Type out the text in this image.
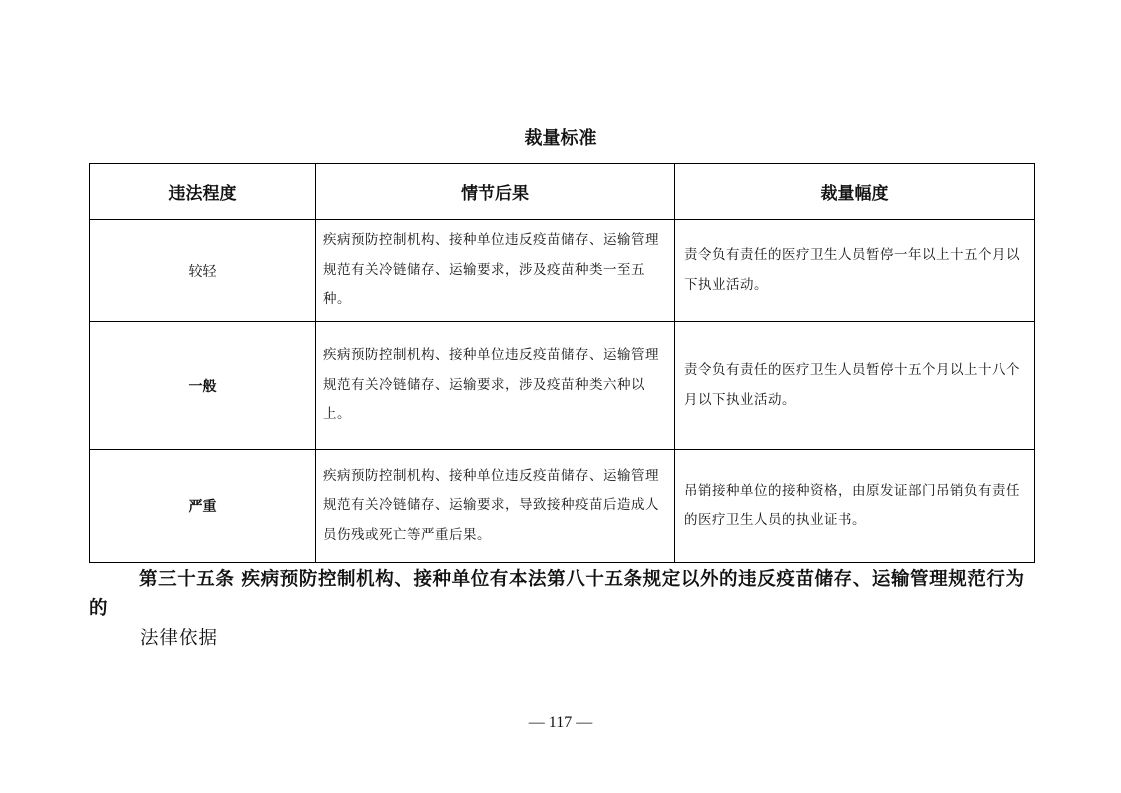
裁量标准
违法程度	情节后果	裁量幅度
较轻	疾病预防控制机构、接种单位违反疫苗储存、运输管理规范有关冷链储存、运输要求，涉及疫苗种类一至五种。	责令负有责任的医疗卫生人员暂停一年以上十五个月以下执业活动。
一般	疾病预防控制机构、接种单位违反疫苗储存、运输管理规范有关冷链储存、运输要求，涉及疫苗种类六种以上。	责令负有责任的医疗卫生人员暂停十五个月以上十八个月以下执业活动。
严重	疾病预防控制机构、接种单位违反疫苗储存、运输管理规范有关冷链储存、运输要求，导致接种疫苗后造成人员伤残或死亡等严重后果。	吊销接种单位的接种资格，由原发证部门吊销负有责任的医疗卫生人员的执业证书。
第三十五条 疾病预防控制机构、接种单位有本法第八十五条规定以外的违反疫苗储存、运输管理规范行为的
法律依据
— 117 —
